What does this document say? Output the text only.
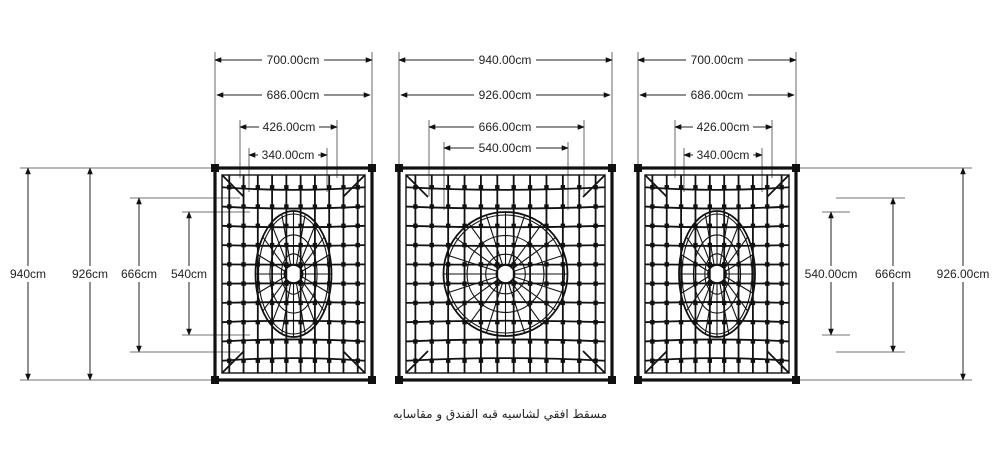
700.00cm
686.00cm
426.00cm
340.00cm
940cm 926cm 666cm 540cm
940.00cm
926.00cm
666.00cm
540.00cm
700.00cm
686.00cm
426.00cm
340.00cm
540.00cm 666cm 926.00cm
مسقط افقي لشاسيه قبه الفندق و مقاسابه
